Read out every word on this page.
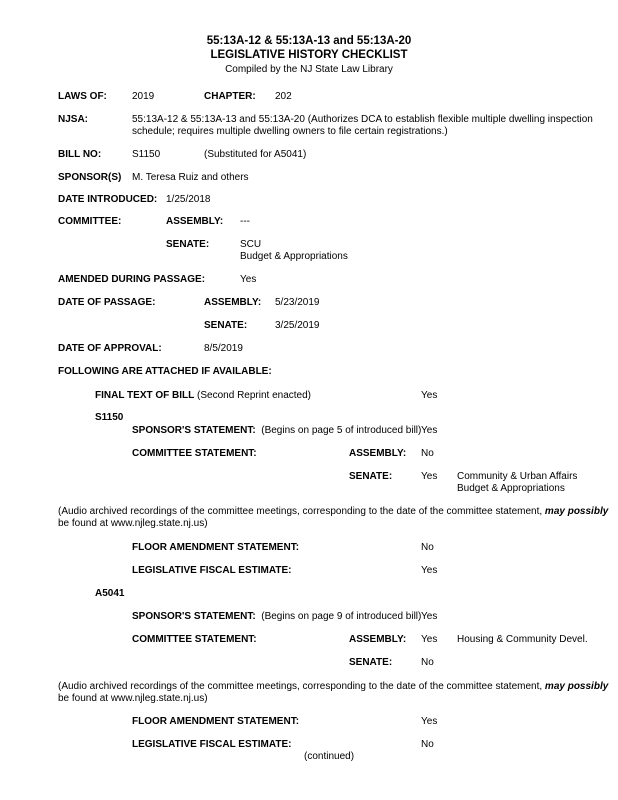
55:13A-12 & 55:13A-13 and 55:13A-20
LEGISLATIVE HISTORY CHECKLIST
Compiled by the NJ State Law Library
LAWS OF:	2019	CHAPTER: 202
NJSA:	55:13A-12 & 55:13A-13 and 55:13A-20 (Authorizes DCA to establish flexible multiple dwelling inspection
schedule; requires multiple dwelling owners to file certain registrations.)
BILL NO:	S1150	(Substituted for A5041)
SPONSOR(S) M. Teresa Ruiz and others
DATE INTRODUCED: 1/25/2018
COMMITTEE:	ASSEMBLY: ---
SENATE:	SCU
Budget & Appropriations
AMENDED DURING PASSAGE:	Yes
DATE OF PASSAGE:	ASSEMBLY: 5/23/2019
SENATE:	3/25/2019
DATE OF APPROVAL:	8/5/2019
FOLLOWING ARE ATTACHED IF AVAILABLE:
FINAL TEXT OF BILL (Second Reprint enacted)	Yes
S1150
SPONSOR'S STATEMENT: (Begins on page 5 of introduced bill) Yes
COMMITTEE STATEMENT:	ASSEMBLY: No
SENATE:	Yes Community & Urban Affairs
Budget & Appropriations
(Audio archived recordings of the committee meetings, corresponding to the date of the committee statement, may possibly
be found at www.njleg.state.nj.us)
FLOOR AMENDMENT STATEMENT:	No
LEGISLATIVE FISCAL ESTIMATE:	Yes
A5041
SPONSOR'S STATEMENT: (Begins on page 9 of introduced bill) Yes
COMMITTEE STATEMENT:	ASSEMBLY: Yes Housing & Community Devel.
SENATE:	No
(Audio archived recordings of the committee meetings, corresponding to the date of the committee statement, may possibly
be found at www.njleg.state.nj.us)
FLOOR AMENDMENT STATEMENT:	Yes
LEGISLATIVE FISCAL ESTIMATE:	No
(continued)
